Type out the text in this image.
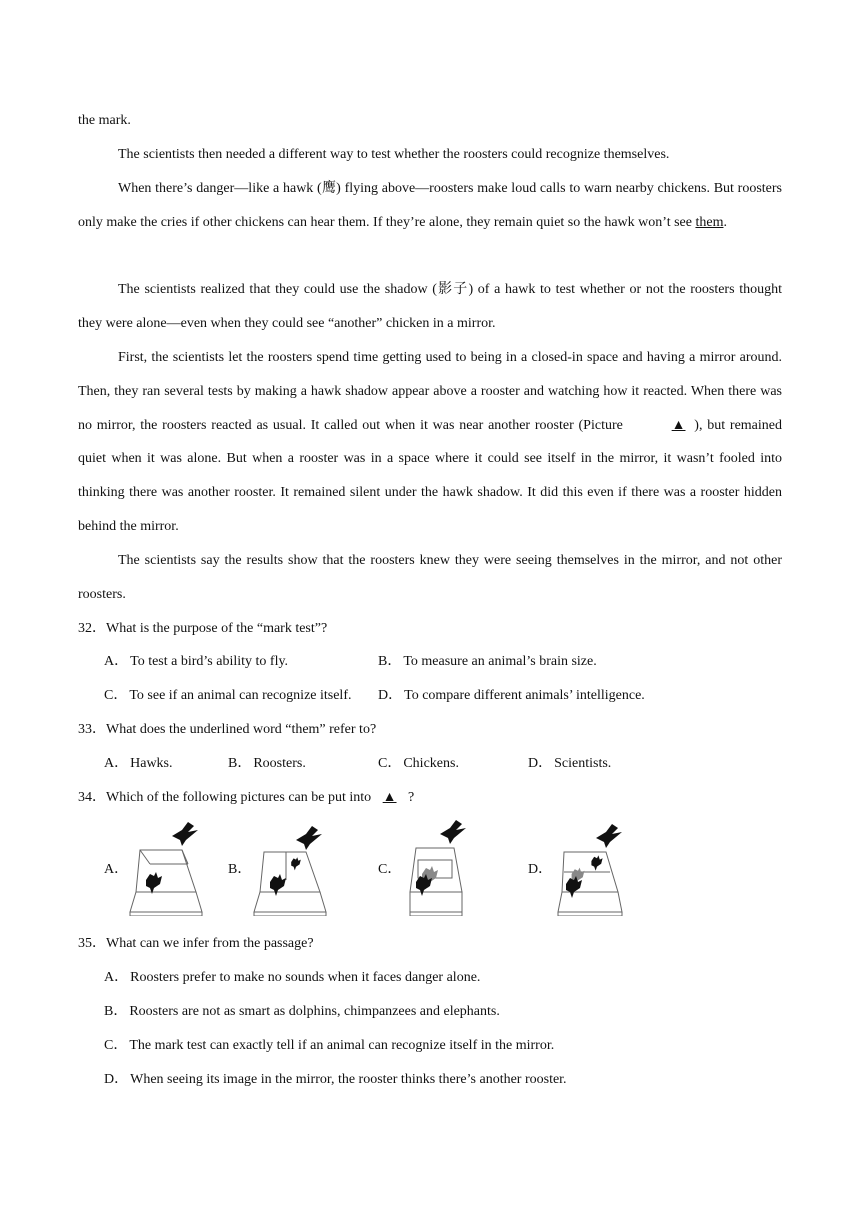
the mark.

The scientists then needed a different way to test whether the roosters could recognize themselves.

When there’s danger—like a hawk (鹰) flying above—roosters make loud calls to warn nearby chickens. But roosters only make the cries if other chickens can hear them. If they’re alone, they remain quiet so the hawk won’t see them.

The scientists realized that they could use the shadow (影子) of a hawk to test whether or not the roosters thought they were alone—even when they could see “another” chicken in a mirror.

First, the scientists let the roosters spend time getting used to being in a closed-in space and having a mirror around. Then, they ran several tests by making a hawk shadow appear above a rooster and watching how it reacted. When there was no mirror, the roosters reacted as usual. It called out when it was near another rooster (Picture	▲ ), but remained quiet when it was alone. But when a rooster was in a space where it could see itself in the mirror, it wasn’t fooled into thinking there was another rooster. It remained silent under the hawk shadow. It did this even if there was a rooster hidden behind the mirror.

The scientists say the results show that the roosters knew they were seeing themselves in the mirror, and not other roosters.

32．What is the purpose of the “mark test”?
A． To test a bird’s ability to fly.	B． To measure an animal’s brain size.
C． To see if an animal can recognize itself. D． To compare different animals’ intelligence.
33．What does the underlined word “them” refer to?
A． Hawks.	B． Roosters.	C． Chickens.	D． Scientists.
34．Which of the following pictures can be put into ▲ ?
A．	B．	C．	D．
35．What can we infer from the passage?
A． Roosters prefer to make no sounds when it faces danger alone.
B． Roosters are not as smart as dolphins, chimpanzees and elephants.
C． The mark test can exactly tell if an animal can recognize itself in the mirror.
D． When seeing its image in the mirror, the rooster thinks there’s another rooster.
